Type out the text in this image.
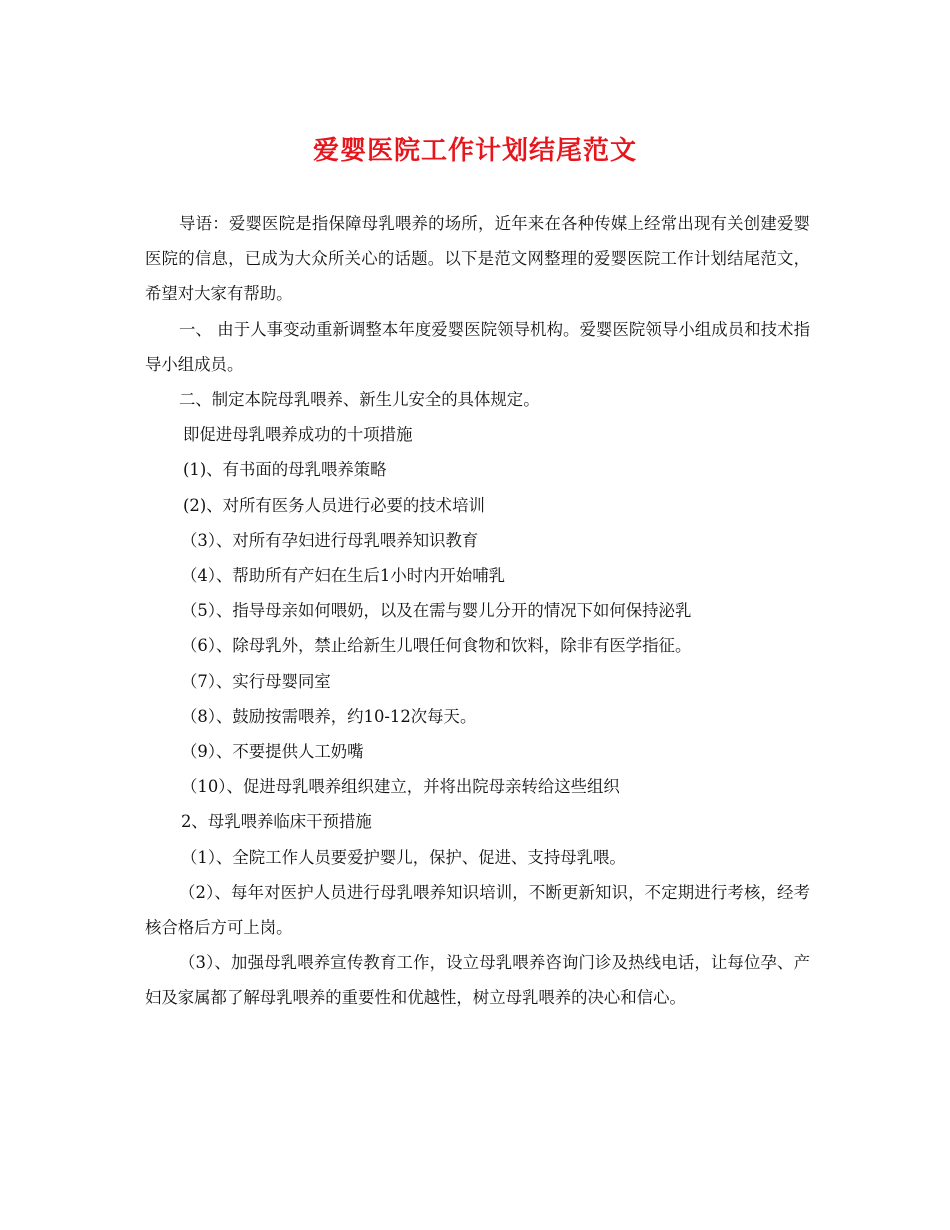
爱婴医院工作计划结尾范文

导语：爱婴医院是指保障母乳喂养的场所，近年来在各种传媒上经常出现有关创建爱婴医院的信息，已成为大众所关心的话题。以下是范文网整理的爱婴医院工作计划结尾范文，希望对大家有帮助。

一、 由于人事变动重新调整本年度爱婴医院领导机构。爱婴医院领导小组成员和技术指导小组成员。

二、制定本院母乳喂养、新生儿安全的具体规定。

即促进母乳喂养成功的十项措施

(1)、有书面的母乳喂养策略

(2)、对所有医务人员进行必要的技术培训

（3）、对所有孕妇进行母乳喂养知识教育

（4）、帮助所有产妇在生后1小时内开始哺乳

（5）、指导母亲如何喂奶，以及在需与婴儿分开的情况下如何保持泌乳

（6）、除母乳外，禁止给新生儿喂任何食物和饮料，除非有医学指征。

（7）、实行母婴同室

（8）、鼓励按需喂养，约10-12次每天。

（9）、不要提供人工奶嘴

（10）、促进母乳喂养组织建立，并将出院母亲转给这些组织

2、母乳喂养临床干预措施

（1）、全院工作人员要爱护婴儿，保护、促进、支持母乳喂。

（2）、每年对医护人员进行母乳喂养知识培训，不断更新知识，不定期进行考核，经考核合格后方可上岗。

（3）、加强母乳喂养宣传教育工作，设立母乳喂养咨询门诊及热线电话，让每位孕、产妇及家属都了解母乳喂养的重要性和优越性，树立母乳喂养的决心和信心。
